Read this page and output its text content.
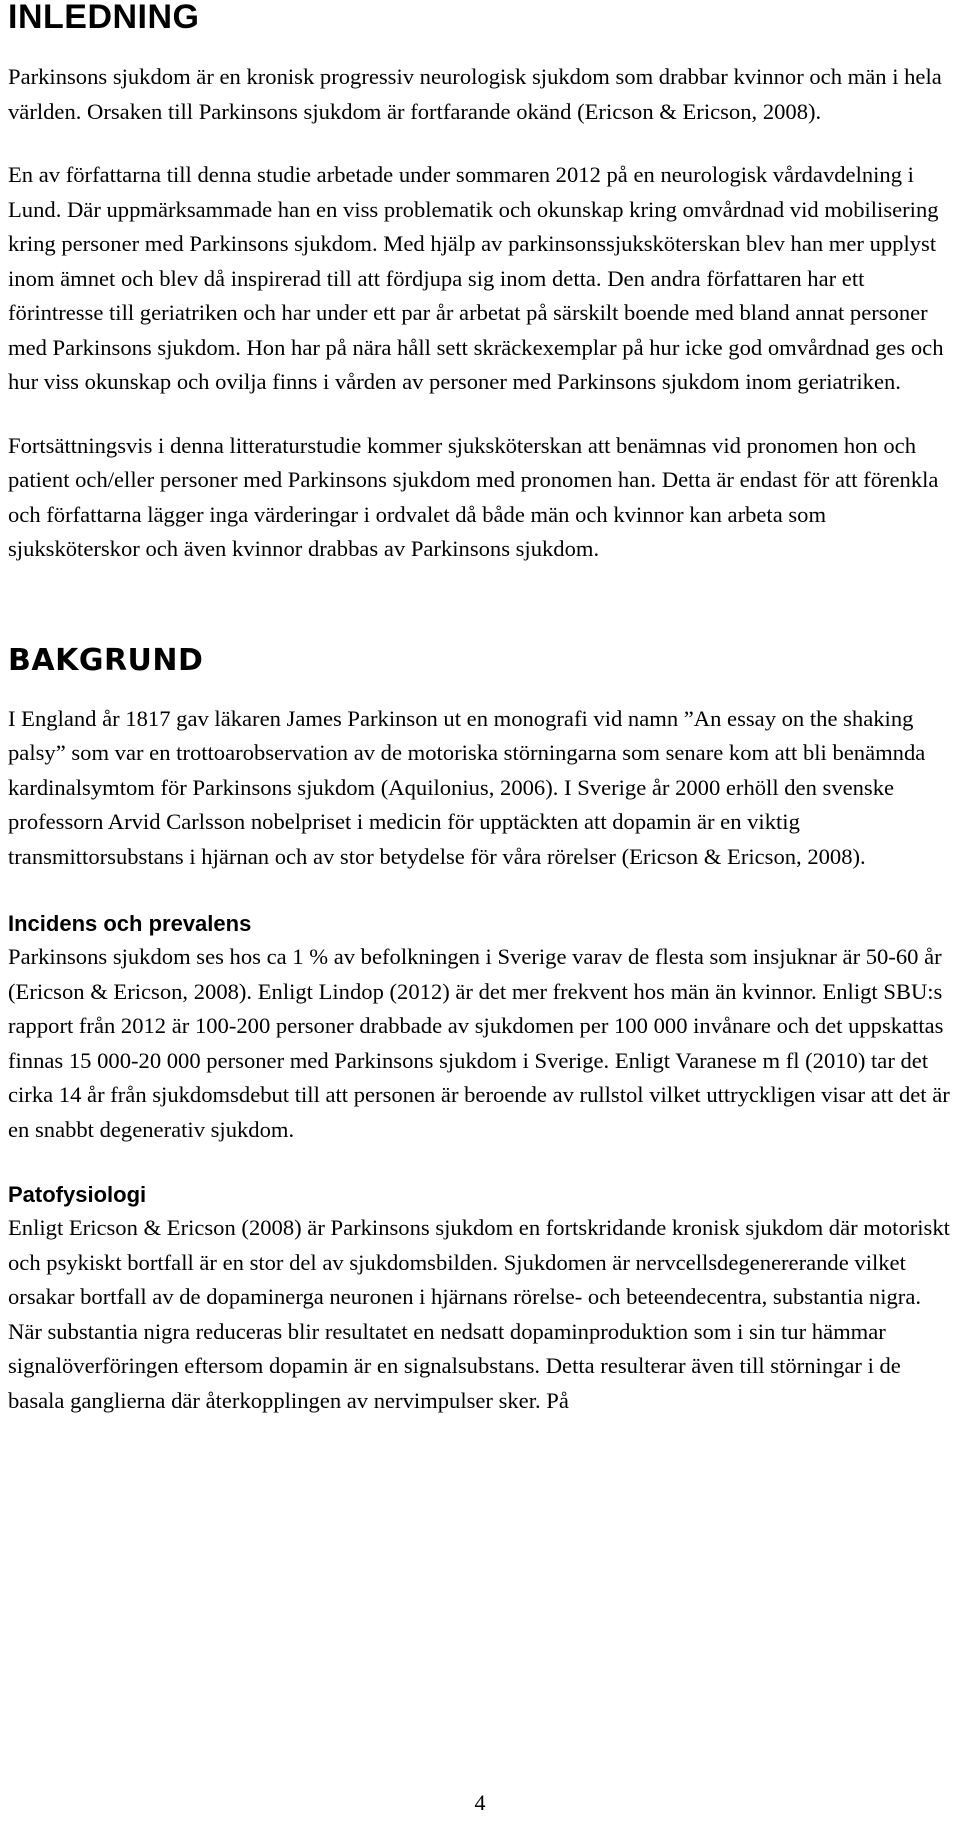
INLEDNING

Parkinsons sjukdom är en kronisk progressiv neurologisk sjukdom som drabbar kvinnor och män i hela världen. Orsaken till Parkinsons sjukdom är fortfarande okänd (Ericson & Ericson, 2008).

En av författarna till denna studie arbetade under sommaren 2012 på en neurologisk vårdavdelning i Lund. Där uppmärksammade han en viss problematik och okunskap kring omvårdnad vid mobilisering kring personer med Parkinsons sjukdom. Med hjälp av parkinsonssjuksköterskan blev han mer upplyst inom ämnet och blev då inspirerad till att fördjupa sig inom detta. Den andra författaren har ett förintresse till geriatriken och har under ett par år arbetat på särskilt boende med bland annat personer med Parkinsons sjukdom. Hon har på nära håll sett skräckexemplar på hur icke god omvårdnad ges och hur viss okunskap och ovilja finns i vården av personer med Parkinsons sjukdom inom geriatriken.

Fortsättningsvis i denna litteraturstudie kommer sjuksköterskan att benämnas vid pronomen hon och patient och/eller personer med Parkinsons sjukdom med pronomen han. Detta är endast för att förenkla och författarna lägger inga värderingar i ordvalet då både män och kvinnor kan arbeta som sjuksköterskor och även kvinnor drabbas av Parkinsons sjukdom.

BAKGRUND

I England år 1817 gav läkaren James Parkinson ut en monografi vid namn ”An essay on the shaking palsy” som var en trottoarobservation av de motoriska störningarna som senare kom att bli benämnda kardinalsymtom för Parkinsons sjukdom (Aquilonius, 2006). I Sverige år 2000 erhöll den svenske professorn Arvid Carlsson nobelpriset i medicin för upptäckten att dopamin är en viktig transmittorsubstans i hjärnan och av stor betydelse för våra rörelser (Ericson & Ericson, 2008).

Incidens och prevalens

Parkinsons sjukdom ses hos ca 1 % av befolkningen i Sverige varav de flesta som insjuknar är 50-60 år (Ericson & Ericson, 2008). Enligt Lindop (2012) är det mer frekvent hos män än kvinnor. Enligt SBU:s rapport från 2012 är 100-200 personer drabbade av sjukdomen per 100 000 invånare och det uppskattas finnas 15 000-20 000 personer med Parkinsons sjukdom i Sverige. Enligt Varanese m fl (2010) tar det cirka 14 år från sjukdomsdebut till att personen är beroende av rullstol vilket uttryckligen visar att det är en snabbt degenerativ sjukdom.

Patofysiologi

Enligt Ericson & Ericson (2008) är Parkinsons sjukdom en fortskridande kronisk sjukdom där motoriskt och psykiskt bortfall är en stor del av sjukdomsbilden. Sjukdomen är nervcellsdegenererande vilket orsakar bortfall av de dopaminerga neuronen i hjärnans rörelse- och beteendecentra, substantia nigra. När substantia nigra reduceras blir resultatet en nedsatt dopaminproduktion som i sin tur hämmar signalöverföringen eftersom dopamin är en signalsubstans. Detta resulterar även till störningar i de basala ganglierna där återkopplingen av nervimpulser sker. På

4
